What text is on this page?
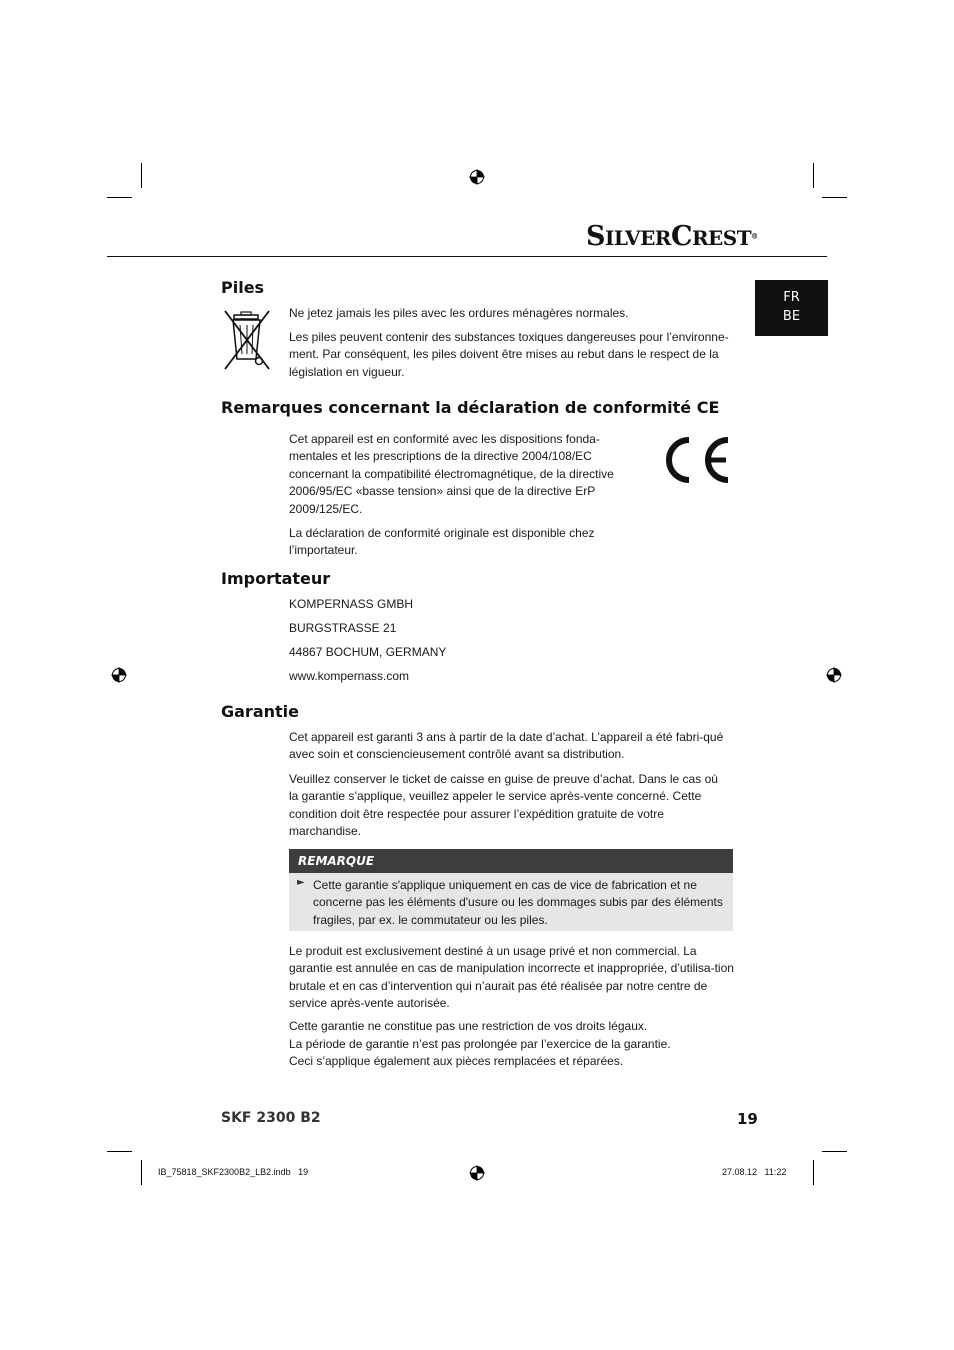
SILVERCREST®
FR
BE
Piles

Ne jetez jamais les piles avec les ordures ménagères normales.

Les piles peuvent contenir des substances toxiques dangereuses pour l’environne-ment. Par conséquent, les piles doivent être mises au rebut dans le respect de la législation en vigueur.

Remarques concernant la déclaration de conformité CE

Cet appareil est en conformité avec les dispositions fonda-mentales et les prescriptions de la directive 2004/108/EC concernant la compatibilité électromagnétique, de la directive 2006/95/EC «basse tension» ainsi que de la directive ErP 2009/125/EC.

La déclaration de conformité originale est disponible chez l’importateur.

Importateur

KOMPERNASS GMBH

BURGSTRASSE 21

44867 BOCHUM, GERMANY

www.kompernass.com

Garantie

Cet appareil est garanti 3 ans à partir de la date d’achat. L’appareil a été fabri-qué avec soin et consciencieusement contrôlé avant sa distribution.

Veuillez conserver le ticket de caisse en guise de preuve d’achat. Dans le cas où la garantie s’applique, veuillez appeler le service après-vente concerné. Cette condition doit être respectée pour assurer l’expédition gratuite de votre marchandise.

REMARQUE
► Cette garantie s'applique uniquement en cas de vice de fabrication et ne concerne pas les éléments d'usure ou les dommages subis par des éléments fragiles, par ex. le commutateur ou les piles.

Le produit est exclusivement destiné à un usage privé et non commercial. La garantie est annulée en cas de manipulation incorrecte et inappropriée, d’utilisa-tion brutale et en cas d’intervention qui n’aurait pas été réalisée par notre centre de service après-vente autorisée.

Cette garantie ne constitue pas une restriction de vos droits légaux.

La période de garantie n’est pas prolongée par l’exercice de la garantie.

Ceci s’applique également aux pièces remplacées et réparées.

SKF 2300 B2	19
IB_75818_SKF2300B2_LB2.indb   19	27.08.12   11:22
